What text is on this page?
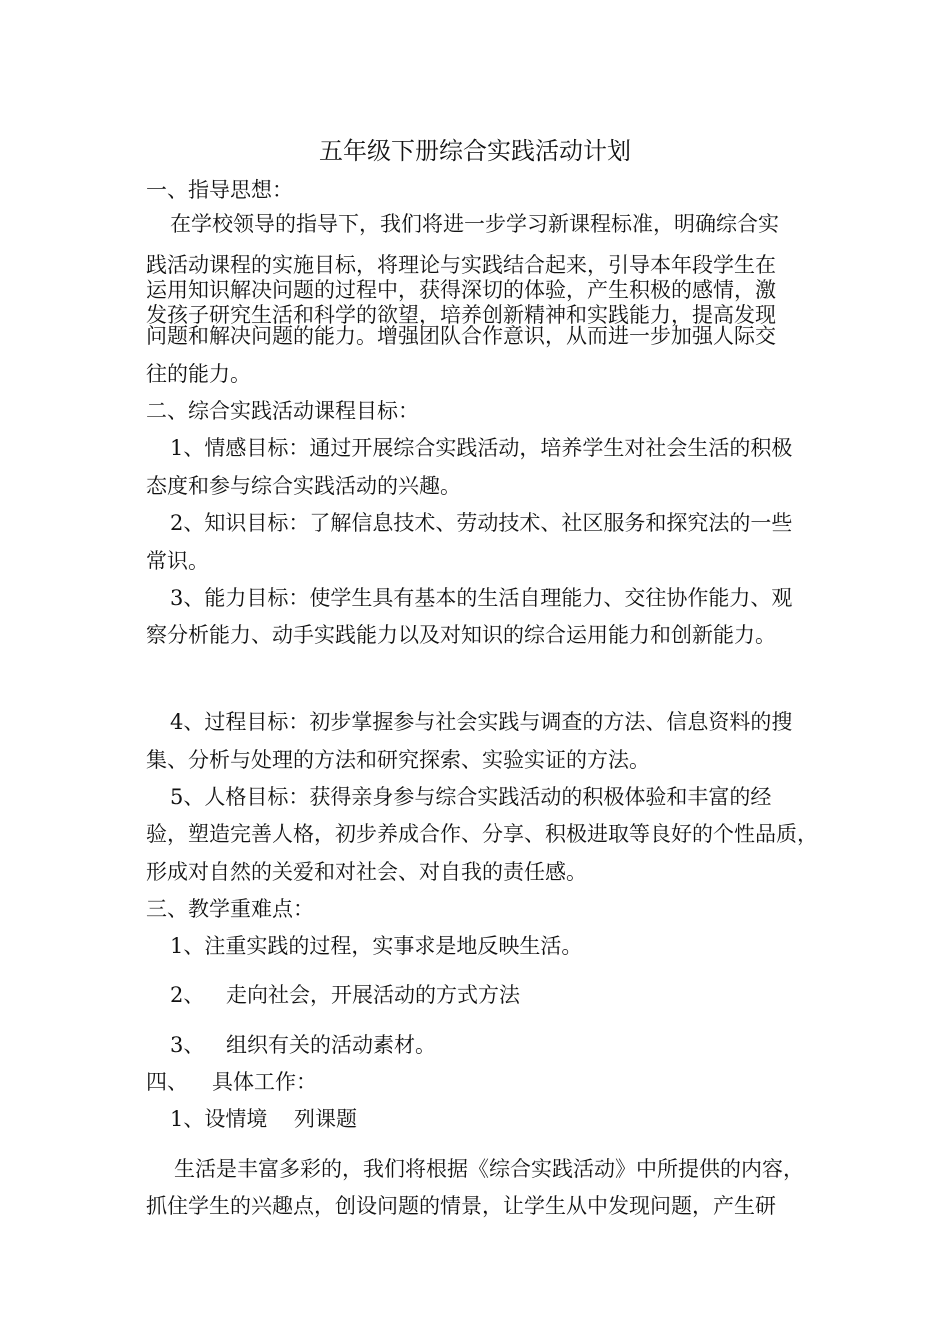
五年级下册综合实践活动计划
一、指导思想：
在学校领导的指导下，我们将进一步学习新课程标准，明确综合实
践活动课程的实施目标，将理论与实践结合起来，引导本年段学生在
运用知识解决问题的过程中，获得深切的体验，产生积极的感情，激
发孩子研究生活和科学的欲望，培养创新精神和实践能力，提高发现
问题和解决问题的能力。增强团队合作意识，从而进一步加强人际交
往的能力。
二、综合实践活动课程目标：
1、情感目标：通过开展综合实践活动，培养学生对社会生活的积极
态度和参与综合实践活动的兴趣。
2、知识目标：了解信息技术、劳动技术、社区服务和探究法的一些
常识。
3、能力目标：使学生具有基本的生活自理能力、交往协作能力、观
察分析能力、动手实践能力以及对知识的综合运用能力和创新能力。
4、过程目标：初步掌握参与社会实践与调查的方法、信息资料的搜
集、分析与处理的方法和研究探索、实验实证的方法。
5、人格目标：获得亲身参与综合实践活动的积极体验和丰富的经
验，塑造完善人格，初步养成合作、分享、积极进取等良好的个性品质，
形成对自然的关爱和对社会、对自我的责任感。
三、教学重难点：
1、注重实践的过程，实事求是地反映生活。
2、 走向社会，开展活动的方式方法
3、 组织有关的活动素材。
四、 具体工作：
1、设情境 列课题
生活是丰富多彩的，我们将根据《综合实践活动》中所提供的内容，
抓住学生的兴趣点，创设问题的情景，让学生从中发现问题，产生研
